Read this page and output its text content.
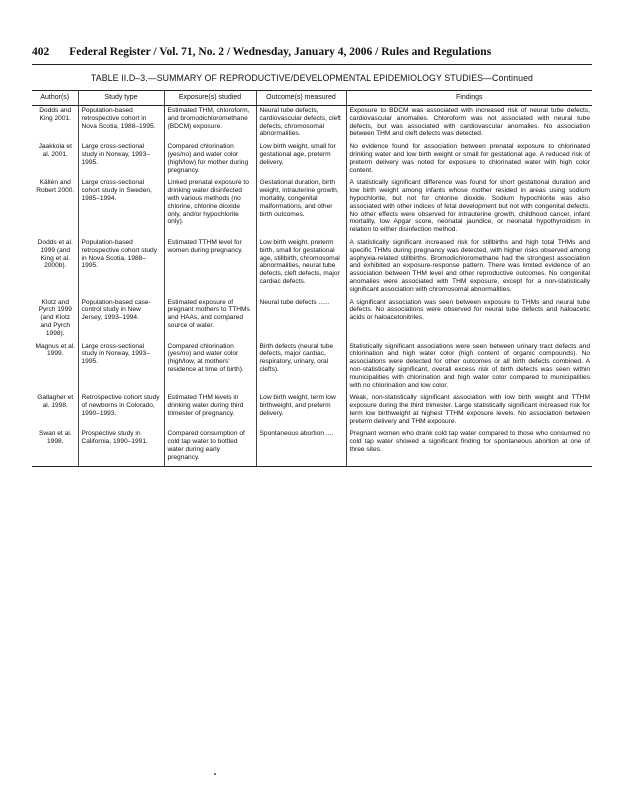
402 Federal Register / Vol. 71, No. 2 / Wednesday, January 4, 2006 / Rules and Regulations
TABLE II.D–3.—SUMMARY OF REPRODUCTIVE/DEVELOPMENTAL EPIDEMIOLOGY STUDIES—Continued
Author(s)	Study type	Exposure(s) studied	Outcome(s) measured	Findings
Dodds and King 2001.	Population-based retrospective cohort in Nova Scotia, 1988–1995.	Estimated THM, chloroform, and bromodichloromethane (BDCM) exposure.	Neural tube defects, cardiovascular defects, cleft defects, chromosomal abnormalities.	Exposure to BDCM was associated with increased risk of neural tube defects, cardiovascular anomalies. Chloroform was not associated with neural tube defects, but was associated with cardiovascular anomalies. No association between THM and cleft defects was detected.
Jaakkola et al. 2001.	Large cross-sectional study in Norway, 1993–1995.	Compared chlorination (yes/no) and water color (high/low) for mother during pregnancy.	Low birth weight, small for gestational age, preterm delivery.	No evidence found for association between prenatal exposure to chlorinated drinking water and low birth weight or small for gestational age. A reduced risk of preterm delivery was noted for exposure to chlorinated water with high color content.
Källén and Robert 2000.	Large cross-sectional cohort study in Sweden, 1985–1994.	Linked prenatal exposure to drinking water disinfected with various methods (no chlorine, chlorine dioxide only, and/or hypochlorite only).	Gestational duration, birth weight, intrauterine growth, mortality, congenital malformations, and other birth outcomes.	A statistically significant difference was found for short gestational duration and low birth weight among infants whose mother resided in areas using sodium hypochlorite, but not for chlorine dioxide. Sodium hypochlorite was also associated with other indices of fetal development but not with congenital defects. No other effects were observed for intrauterine growth, childhood cancer, infant mortality, low Apgar score, neonatal jaundice, or neonatal hypothyroidism in relation to either disinfection method.
Dodds et al. 1999 (and King et al. 2000b).	Population-based retrospective cohort study in Nova Scotia, 1988–1995.	Estimated TTHM level for women during pregnancy.	Low birth weight, preterm birth, small for gestational age, stillbirth, chromosomal abnormalities, neural tube defects, cleft defects, major cardiac defects.	A statistically significant increased risk for stillbirths and high total THMs and specific THMs during pregnancy was detected, with higher risks observed among asphyxia-related stillbirths. Bromodichloromethane had the strongest association and exhibited an exposure-response pattern. There was limited evidence of an association between THM level and other reproductive outcomes. No congenital anomalies were associated with THM exposure, except for a non-statistically significant association with chromosomal abnormalities.
Klotz and Pyrch 1999 (and Klotz and Pyrch 1998).	Population-based case-control study in New Jersey, 1993–1994.	Estimated exposure of pregnant mothers to TTHMs and HAAs, and compared source of water.	Neural tube defects ......	A significant association was seen between exposure to THMs and neural tube defects. No associations were observed for neural tube defects and haloacetic acids or haloacetonitriles.
Magnus et al. 1999.	Large cross-sectional study in Norway, 1993–1995.	Compared chlorination (yes/no) and water color (high/low, at mothers' residence at time of birth).	Birth defects (neural tube defects, major cardiac, respiratory, urinary, oral clefts).	Statistically significant associations were seen between urinary tract defects and chlorination and high water color (high content of organic compounds). No associations were detected for other outcomes or all birth defects combined. A non-statistically significant, overall excess risk of birth defects was seen within municipalities with chlorination and high water color compared to municipalities with no chlorination and low color.
Gallagher et al. 1998.	Retrospective cohort study of newborns in Colorado, 1990–1993.	Estimated THM levels in drinking water during third trimester of pregnancy.	Low birth weight, term low birthweight, and preterm delivery.	Weak, non-statistically significant association with low birth weight and TTHM exposure during the third trimester. Large statistically significant increased risk for term low birthweight at highest TTHM exposure levels. No association between preterm delivery and THM exposure.
Swan et al. 1998.	Prospective study in California, 1990–1991.	Compared consumption of cold tap water to bottled water during early pregnancy.	Spontaneous abortion ....	Pregnant women who drank cold tap water compared to those who consumed no cold tap water showed a significant finding for spontaneous abortion at one of three sites.
